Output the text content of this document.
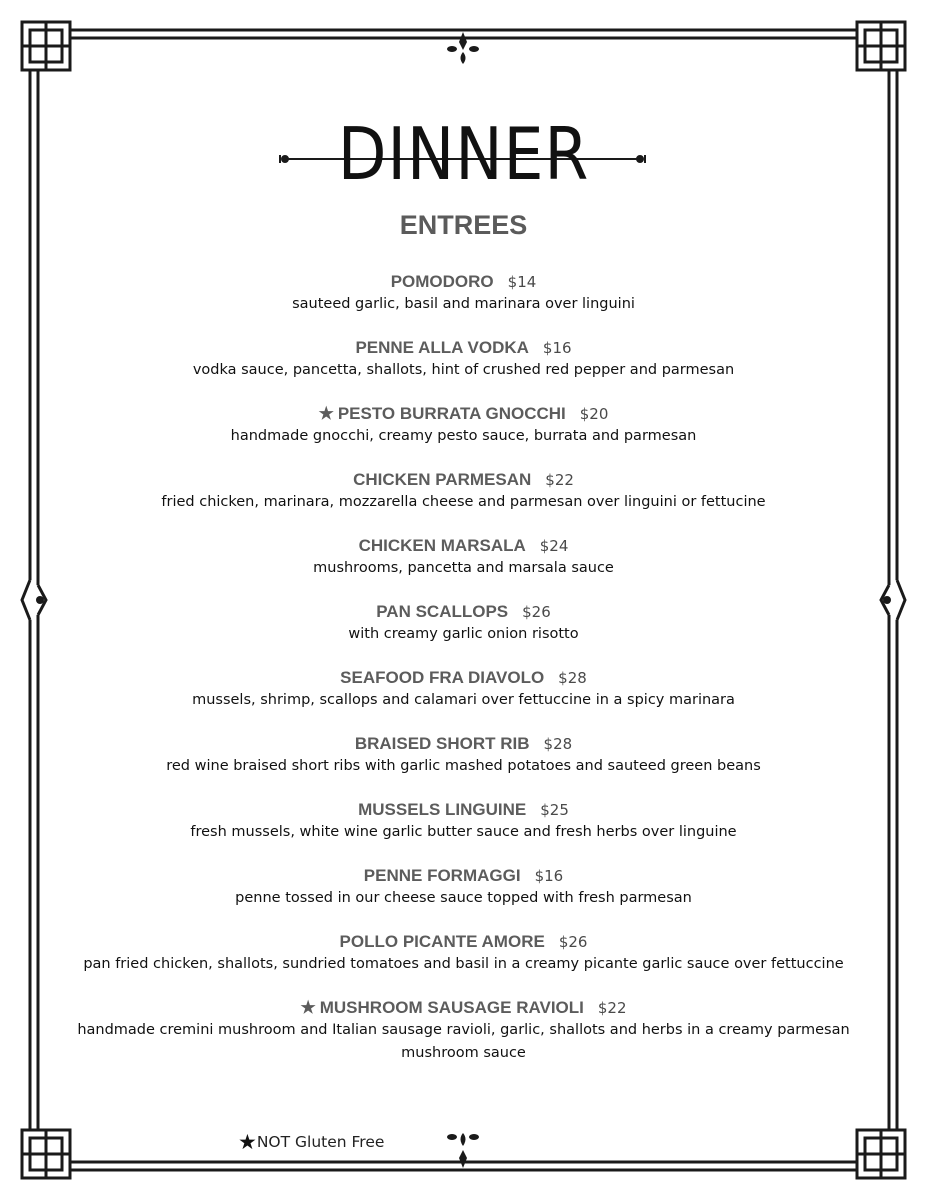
DINNER
ENTREES
POMODORO $14
sauteed garlic, basil and marinara over linguini
PENNE ALLA VODKA $16
vodka sauce, pancetta, shallots, hint of crushed red pepper and parmesan
★ PESTO BURRATA GNOCCHI $20
handmade gnocchi, creamy pesto sauce, burrata and parmesan
CHICKEN PARMESAN $22
fried chicken, marinara, mozzarella cheese and parmesan over linguini or fettucine
CHICKEN MARSALA $24
mushrooms, pancetta and marsala sauce
PAN SCALLOPS $26
with creamy garlic onion risotto
SEAFOOD FRA DIAVOLO $28
mussels, shrimp, scallops and calamari over fettuccine in a spicy marinara
BRAISED SHORT RIB $28
red wine braised short ribs with garlic mashed potatoes and sauteed green beans
MUSSELS LINGUINE $25
fresh mussels, white wine garlic butter sauce and fresh herbs over linguine
PENNE FORMAGGI $16
penne tossed in our cheese sauce topped with fresh parmesan
POLLO PICANTE AMORE $26
pan fried chicken, shallots, sundried tomatoes and basil in a creamy picante garlic sauce over fettuccine
★ MUSHROOM SAUSAGE RAVIOLI $22
handmade cremini mushroom and Italian sausage ravioli, garlic, shallots and herbs in a creamy parmesan mushroom sauce
★NOT Gluten Free
